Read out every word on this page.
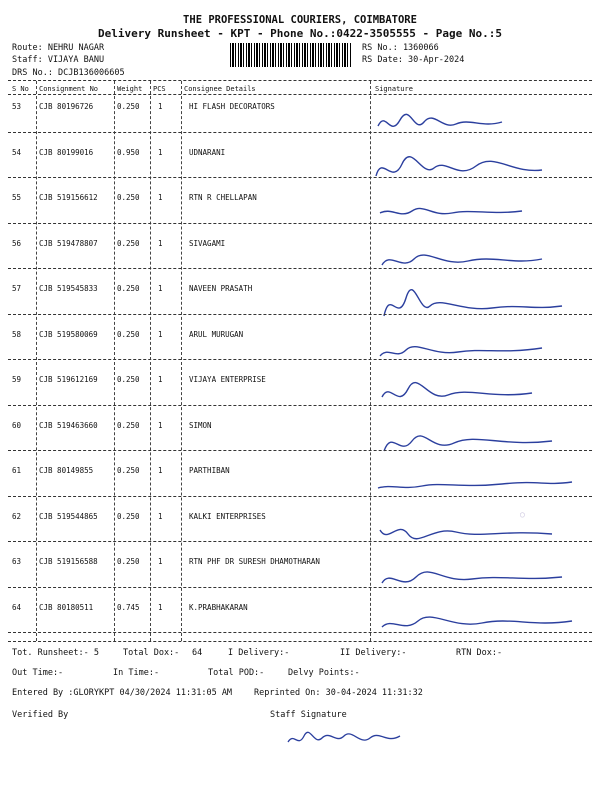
THE PROFESSIONAL COURIERS, COIMBATORE
Delivery Runsheet - KPT - Phone No.:0422-3505555 - Page No.:5
Route: NEHRU NAGAR
Staff: VIJAYA BANU
DRS No.: DCJB136006605
RS No.: 1360066
RS Date: 30-Apr-2024
S No Consignment No	Weight PCS	Consignee Details	Signature
53 CJB 80196726	0.250 1	HI FLASH DECORATORS
54 CJB 80199016	0.950 1	UDNARANI
55 CJB 519156612	0.250 1	RTN R CHELLAPAN
56 CJB 519478807	0.250 1	SIVAGAMI
57 CJB 519545833	0.250 1	NAVEEN PRASATH
58 CJB 519580069	0.250 1	ARUL MURUGAN
59 CJB 519612169	0.250 1	VIJAYA ENTERPRISE
60 CJB 519463660	0.250 1	SIMON
61 CJB 80149855	0.250 1	PARTHIBAN
62 CJB 519544865	0.250 1	KALKI ENTERPRISES
63 CJB 519156588	0.250 1	RTN PHF DR SURESH DHAMOTHARAN
64 CJB 80180511	0.745 1	K.PRABHAKARAN
◯
Tot. Runsheet:- 5	Total Dox:- 64	I Delivery:-	II Delivery:-	RTN Dox:-
Out Time:-	In Time:-	Total POD:-	Delvy Points:-
Entered By :GLORYKPT 04/30/2024 11:31:05 AM	Reprinted On: 30-04-2024 11:31:32
Verified By	Staff Signature
